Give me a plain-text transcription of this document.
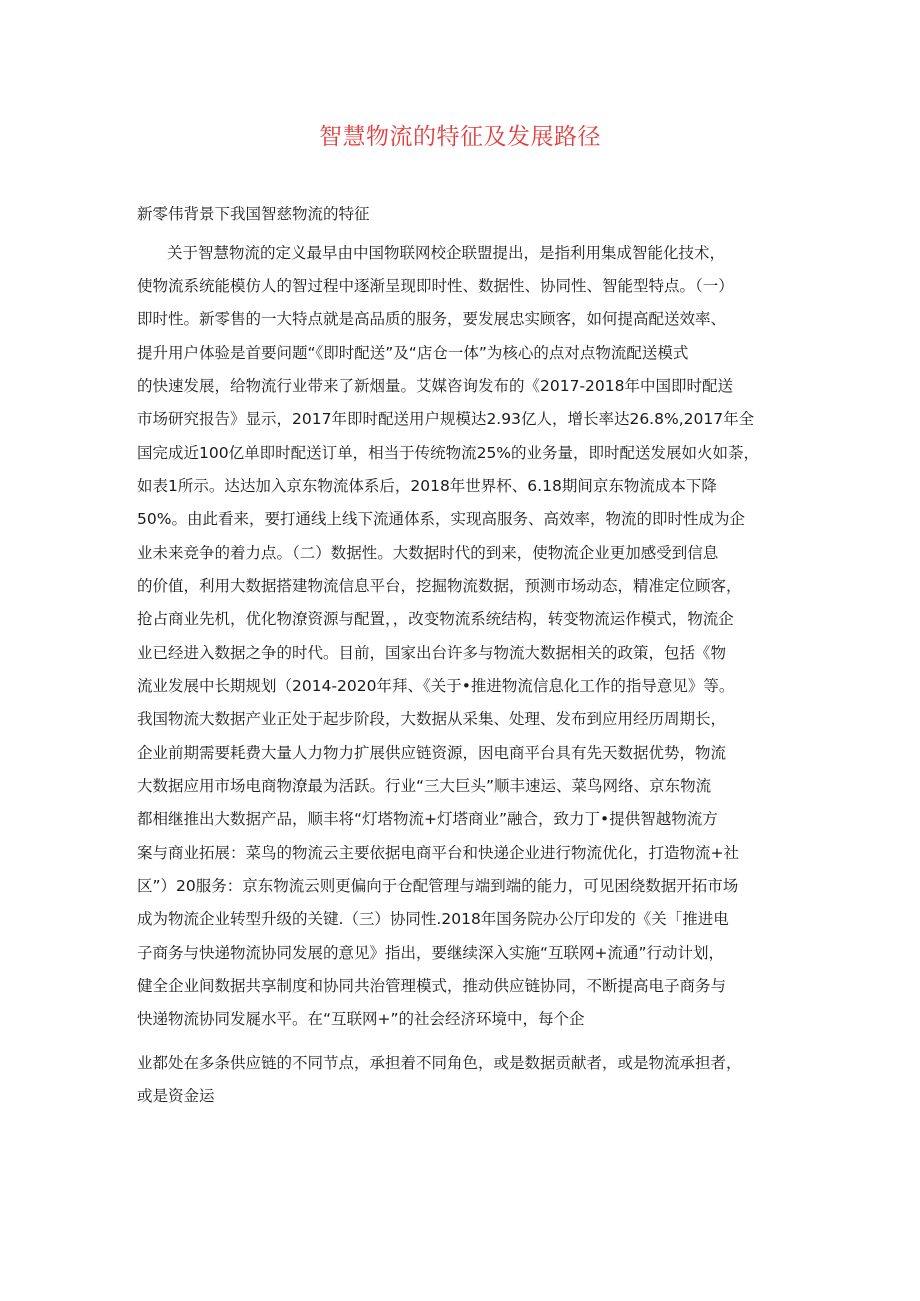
智慧物流的特征及发展路径
新零伟背景下我国智慈物流的特征
关于智慧物流的定义最早由中国物联网校企联盟提出，是指利用集成智能化技术，
使物流系统能模仿人的智过程中逐渐呈现即时性、数据性、协同性、智能型特点。（一）
即时性。新零售的一大特点就是高品质的服务，要发展忠实顾客，如何提高配送效率、
提升用户体验是首要问题“《即时配送”及“店仓一体”为核心的点对点物流配送模式
的快速发展，给物流行业带来了新烟量。艾媒咨询发布的《2017-2018年中国即时配送
市场研究报告》显示，2017年即时配送用户规模达2.93亿人，增长率达26.8%,2017年全
国完成近100亿单即时配送订单，相当于传统物流25%的业务量，即时配送发展如火如荼，
如表1所示。达达加入京东物流体系后，2018年世界杯、6.18期间京东物流成本下降
50%。由此看来，要打通线上线下流通体系，实现高服务、高效率，物流的即时性成为企
业未来竞争的着力点。（二）数据性。大数据时代的到来，使物流企业更加感受到信息
的价值，利用大数据搭建物流信息平台，挖掘物流数据，预测市场动态，精准定位顾客，
抢占商业先机，优化物潦资源与配置，，改变物流系统结构，转变物流运作模式，物流企
业已经进入数据之争的时代。目前，国家出台许多与物流大数据相关的政策，包括《物
流业发展中长期规划（2014-2020年拜、《关于•推进物流信息化工作的指导意见》等。
我国物流大数据产业正处于起步阶段，大数据从采集、处理、发布到应用经历周期长，
企业前期需要耗费大量人力物力扩展供应链资源，因电商平台具有先天数据优势，物流
大数据应用市场电商物潦最为活跃。行业“三大巨头”顺丰速运、菜鸟网络、京东物流
都相继推出大数据产品，顺丰将“灯塔物流+灯塔商业”融合，致力丁•提供智越物流方
案与商业拓展：菜鸟的物流云主要依据电商平台和快递企业进行物流优化，打造物流+社
区”）20服务：京东物流云则更偏向于仓配管理与端到端的能力，可见困绕数据开拓市场
成为物流企业转型升级的关键.（三）协同性.2018年国务院办公厅印发的《关「推进电
子商务与快递物流协同发展的意见》指出，要继续深入实施“互联网+流通”行动计划，
健全企业间数据共享制度和协同共治管理模式，推动供应链协同，不断提高电子商务与
快递物流协同发屣水平。在“互联网+”的社会经济环境中，每个企
业都处在多条供应链的不同节点，承担着不同角色，或是数据贡献者，或是物流承担者，
或是资金运
